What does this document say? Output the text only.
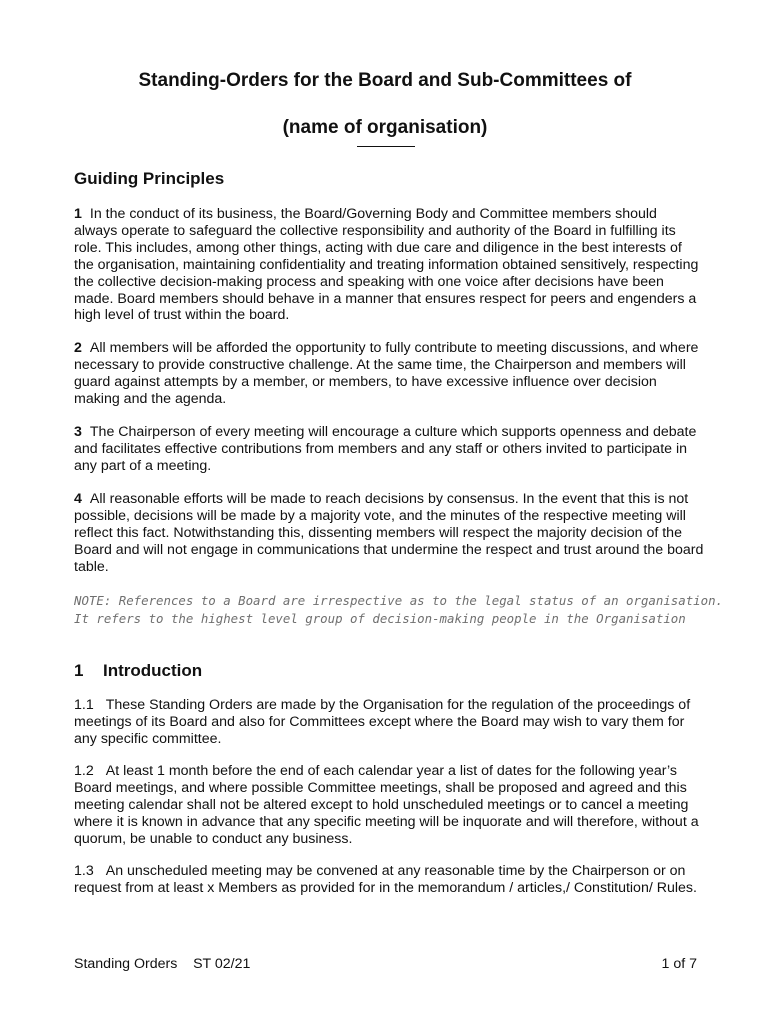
Standing-Orders for the Board and Sub-Committees of
(name of organisation)
Guiding Principles

1 In the conduct of its business, the Board/Governing Body and Committee members should always operate to safeguard the collective responsibility and authority of the Board in fulfilling its role. This includes, among other things, acting with due care and diligence in the best interests of the organisation, maintaining confidentiality and treating information obtained sensitively, respecting the collective decision-making process and speaking with one voice after decisions have been made. Board members should behave in a manner that ensures respect for peers and engenders a high level of trust within the board.

2 All members will be afforded the opportunity to fully contribute to meeting discussions, and where necessary to provide constructive challenge. At the same time, the Chairperson and members will guard against attempts by a member, or members, to have excessive influence over decision making and the agenda.

3 The Chairperson of every meeting will encourage a culture which supports openness and debate and facilitates effective contributions from members and any staff or others invited to participate in any part of a meeting.

4 All reasonable efforts will be made to reach decisions by consensus. In the event that this is not possible, decisions will be made by a majority vote, and the minutes of the respective meeting will reflect this fact. Notwithstanding this, dissenting members will respect the majority decision of the Board and will not engage in communications that undermine the respect and trust around the board table.

NOTE: References to a Board are irrespective as to the legal status of an organisation.
It refers to the highest level group of decision-making people in the Organisation

1 Introduction

1.1 These Standing Orders are made by the Organisation for the regulation of the proceedings of meetings of its Board and also for Committees except where the Board may wish to vary them for any specific committee.

1.2 At least 1 month before the end of each calendar year a list of dates for the following year’s Board meetings, and where possible Committee meetings, shall be proposed and agreed and this meeting calendar shall not be altered except to hold unscheduled meetings or to cancel a meeting where it is known in advance that any specific meeting will be inquorate and will therefore, without a quorum, be unable to conduct any business.

1.3 An unscheduled meeting may be convened at any reasonable time by the Chairperson or on request from at least x Members as provided for in the memorandum / articles,/ Constitution/ Rules.

Standing Orders    ST 02/21	1 of 7
